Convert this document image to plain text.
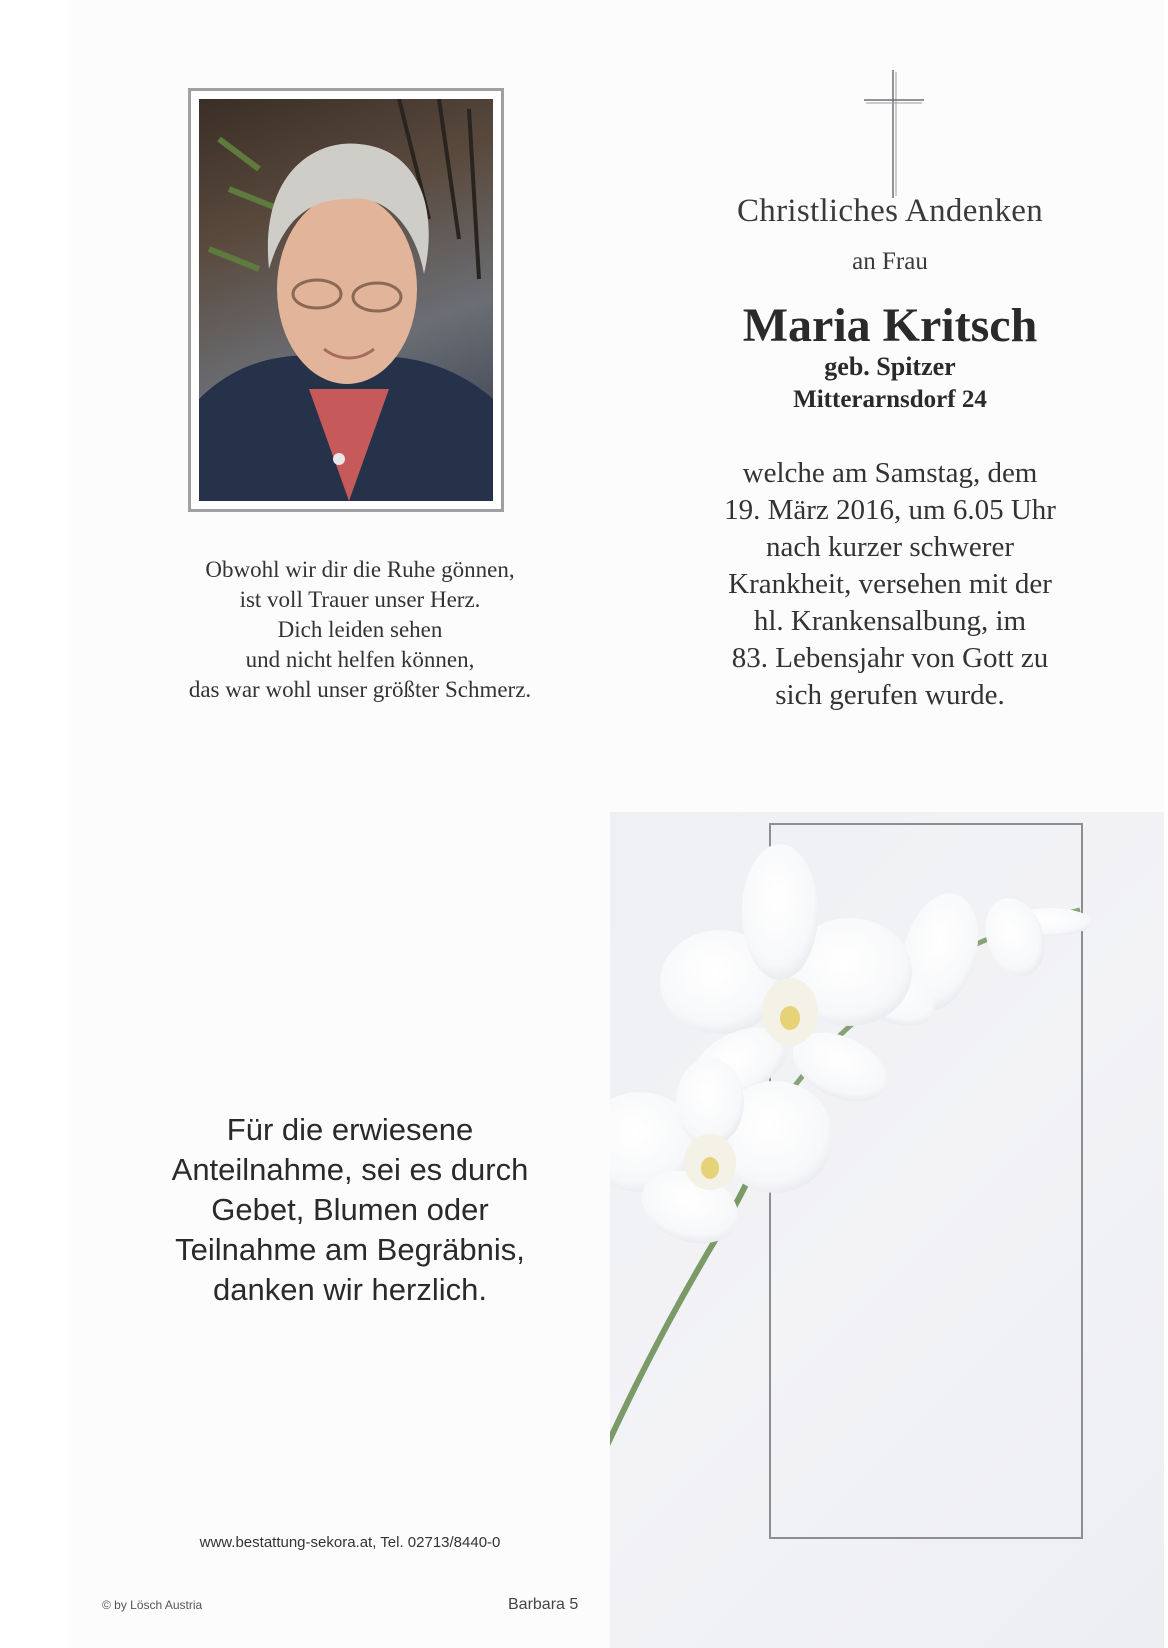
Obwohl wir dir die Ruhe gönnen,
ist voll Trauer unser Herz.
Dich leiden sehen
und nicht helfen können,
das war wohl unser größter Schmerz.
Christliches Andenken
an Frau
Maria Kritsch
geb. Spitzer
Mitterarnsdorf 24
welche am Samstag, dem
19. März 2016, um 6.05 Uhr
nach kurzer schwerer
Krankheit, versehen mit der
hl. Krankensalbung, im
83. Lebensjahr von Gott zu
sich gerufen wurde.
Für die erwiesene
Anteilnahme, sei es durch
Gebet, Blumen oder
Teilnahme am Begräbnis,
danken wir herzlich.
www.bestattung-sekora.at, Tel. 02713/8440-0
© by Lösch Austria	Barbara 5
